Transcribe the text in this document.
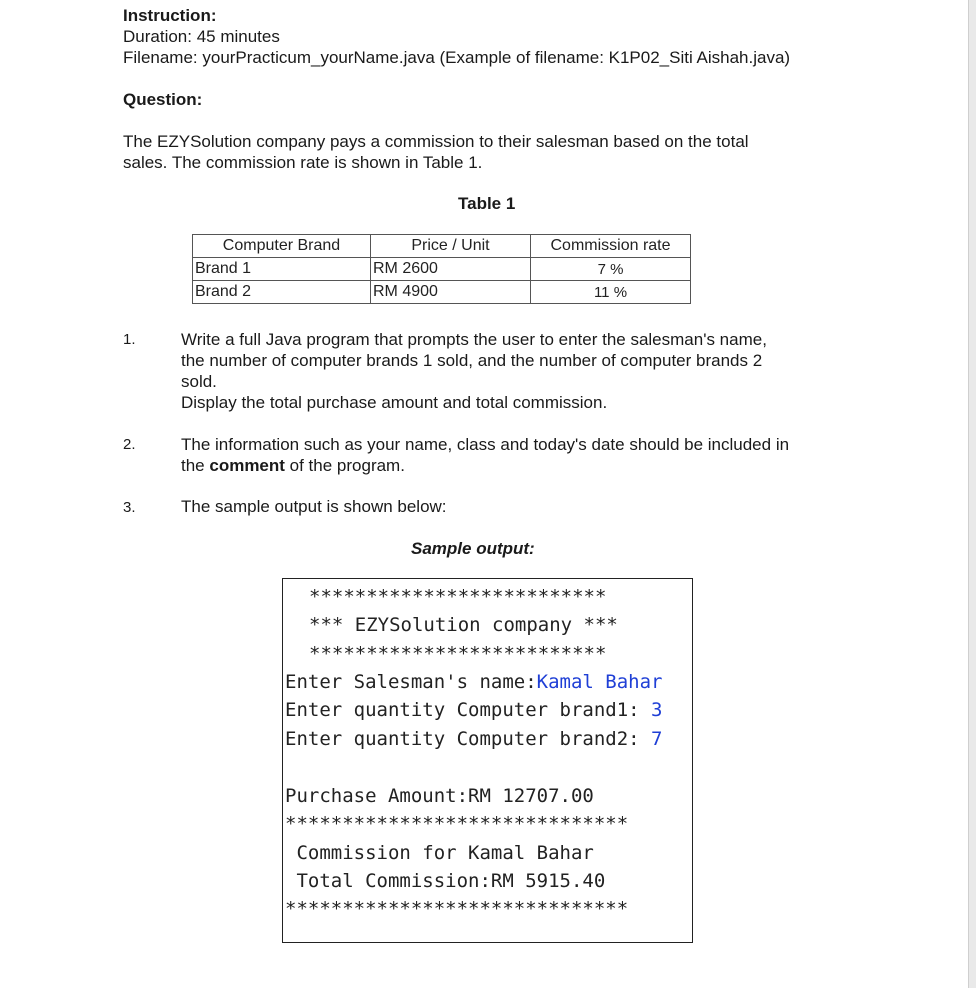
Instruction:
Duration: 45 minutes
Filename: yourPracticum_yourName.java (Example of filename: K1P02_Siti Aishah.java)
Question:
The EZYSolution company pays a commission to their salesman based on the total
sales. The commission rate is shown in Table 1.
Table 1
Computer Brand	Price / Unit	Commission rate
Brand 1	RM 2600	7 %
Brand 2	RM 4900	11 %
1.	Write a full Java program that prompts the user to enter the salesman's name,
the number of computer brands 1 sold, and the number of computer brands 2
sold.
Display the total purchase amount and total commission.
2.	The information such as your name, class and today's date should be included in
the comment of the program.
3.	The sample output is shown below:
Sample output:
**************************
*** EZYSolution company ***
**************************
Enter Salesman's name:Kamal Bahar
Enter quantity Computer brand1: 3
Enter quantity Computer brand2: 7
Purchase Amount:RM 12707.00
******************************
Commission for Kamal Bahar
Total Commission:RM 5915.40
******************************
